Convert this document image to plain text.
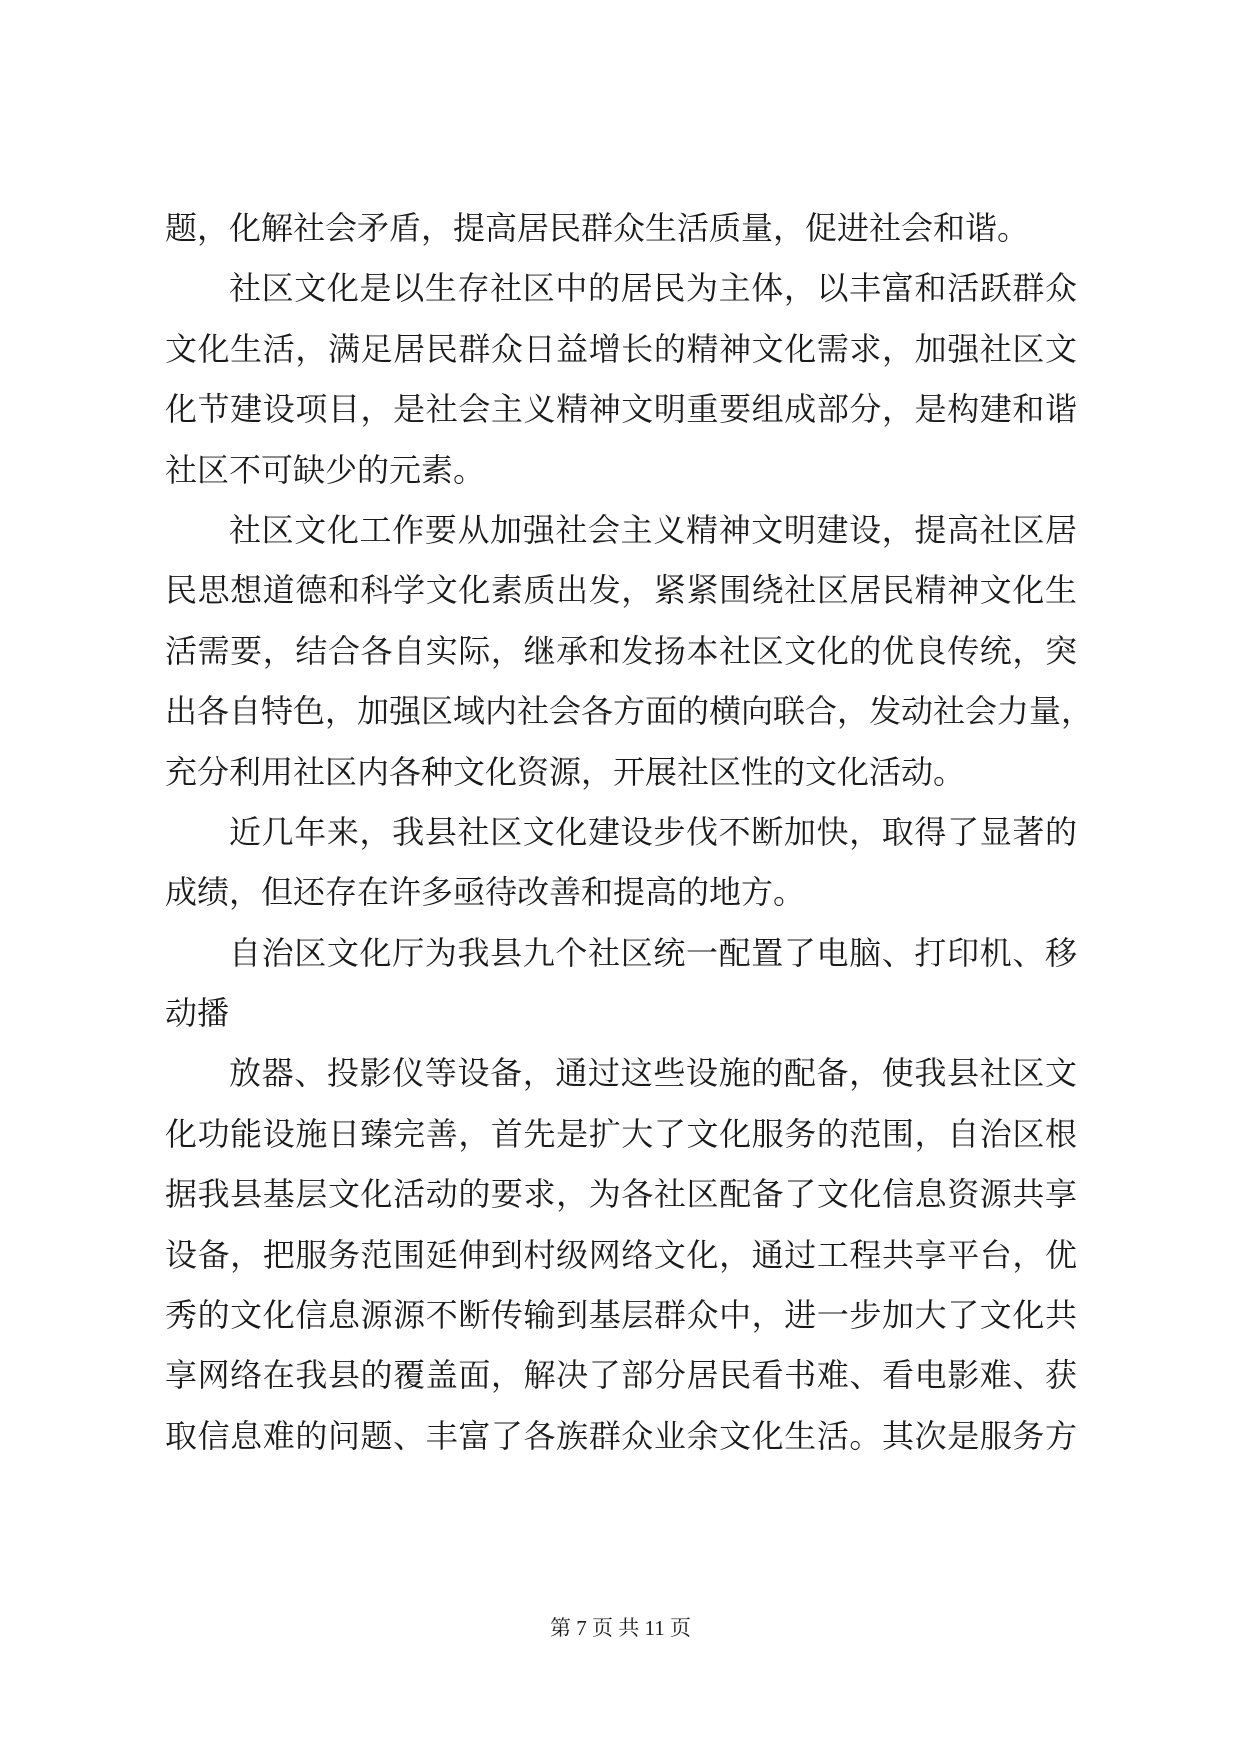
题，化解社会矛盾，提高居民群众生活质量，促进社会和谐。
社区文化是以生存社区中的居民为主体，以丰富和活跃群众
文化生活，满足居民群众日益增长的精神文化需求，加强社区文
化节建设项目，是社会主义精神文明重要组成部分，是构建和谐
社区不可缺少的元素。
社区文化工作要从加强社会主义精神文明建设，提高社区居
民思想道德和科学文化素质出发，紧紧围绕社区居民精神文化生
活需要，结合各自实际，继承和发扬本社区文化的优良传统，突
出各自特色，加强区域内社会各方面的横向联合，发动社会力量，
充分利用社区内各种文化资源，开展社区性的文化活动。
近几年来，我县社区文化建设步伐不断加快，取得了显著的
成绩，但还存在许多亟待改善和提高的地方。
自治区文化厅为我县九个社区统一配置了电脑、打印机、移
动播
放器、投影仪等设备，通过这些设施的配备，使我县社区文
化功能设施日臻完善，首先是扩大了文化服务的范围，自治区根
据我县基层文化活动的要求，为各社区配备了文化信息资源共享
设备，把服务范围延伸到村级网络文化，通过工程共享平台，优
秀的文化信息源源不断传输到基层群众中，进一步加大了文化共
享网络在我县的覆盖面，解决了部分居民看书难、看电影难、获
取信息难的问题、丰富了各族群众业余文化生活。其次是服务方
第 7 页 共 11 页
